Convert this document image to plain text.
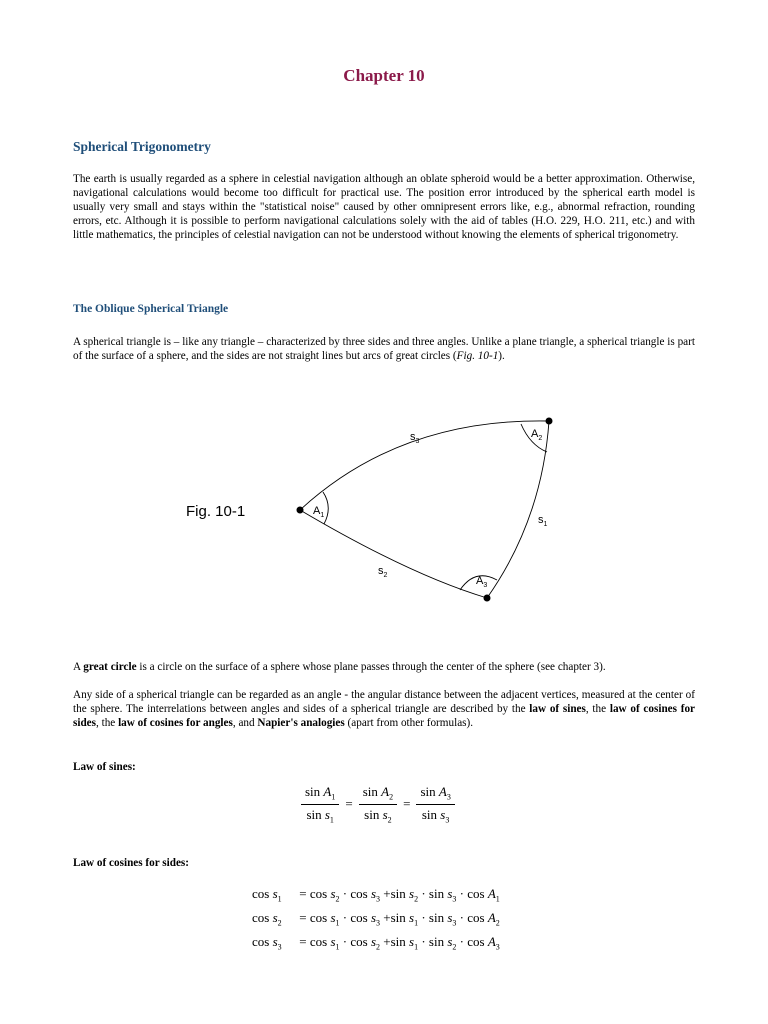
Chapter 10
Spherical Trigonometry
The earth is usually regarded as a sphere in celestial navigation although an oblate spheroid would be a better approximation. Otherwise, navigational calculations would become too difficult for practical use. The position error introduced by the spherical earth model is usually very small and stays within the "statistical noise" caused by other omnipresent errors like, e.g., abnormal refraction, rounding errors, etc. Although it is possible to perform navigational calculations solely with the aid of tables (H.O. 229, H.O. 211, etc.) and with little mathematics, the principles of celestial navigation can not be understood without knowing the elements of spherical trigonometry.
The Oblique Spherical Triangle
A spherical triangle is – like any triangle – characterized by three sides and three angles. Unlike a plane triangle, a spherical triangle is part of the surface of a sphere, and the sides are not straight lines but arcs of great circles (Fig. 10-1).
Fig. 10-1	$A_1$
$A_2$
$A_3$
$s_3$
$s_1$
$s_2$
A great circle is a circle on the surface of a sphere whose plane passes through the center of the sphere (see chapter 3).
Any side of a spherical triangle can be regarded as an angle - the angular distance between the adjacent vertices, measured at the center of the sphere. The interrelations between angles and sides of a spherical triangle are described by the law of sines, the law of cosines for sides, the law of cosines for angles, and Napier's analogies (apart from other formulas).
Law of sines:
$\frac{\sin A_1}{\sin s_1} = \frac{\sin A_2}{\sin s_2} = \frac{\sin A_3}{\sin s_3}$
Law of cosines for sides:
$\cos s_1 = \cos s_2 \cdot \cos s_3 +\sin$ $s_2 \cdot \sin s_3 \cdot \cos A_1$
$\cos s_2 = \cos s_1 \cdot \cos s_3 +\sin$ $s_1 \cdot \sin s_3 \cdot \cos A_2$
$\cos s_3 = \cos s_1 \cdot \cos s_2 +\sin$ $s_1 \cdot \sin s_2 \cdot \cos A_3$
